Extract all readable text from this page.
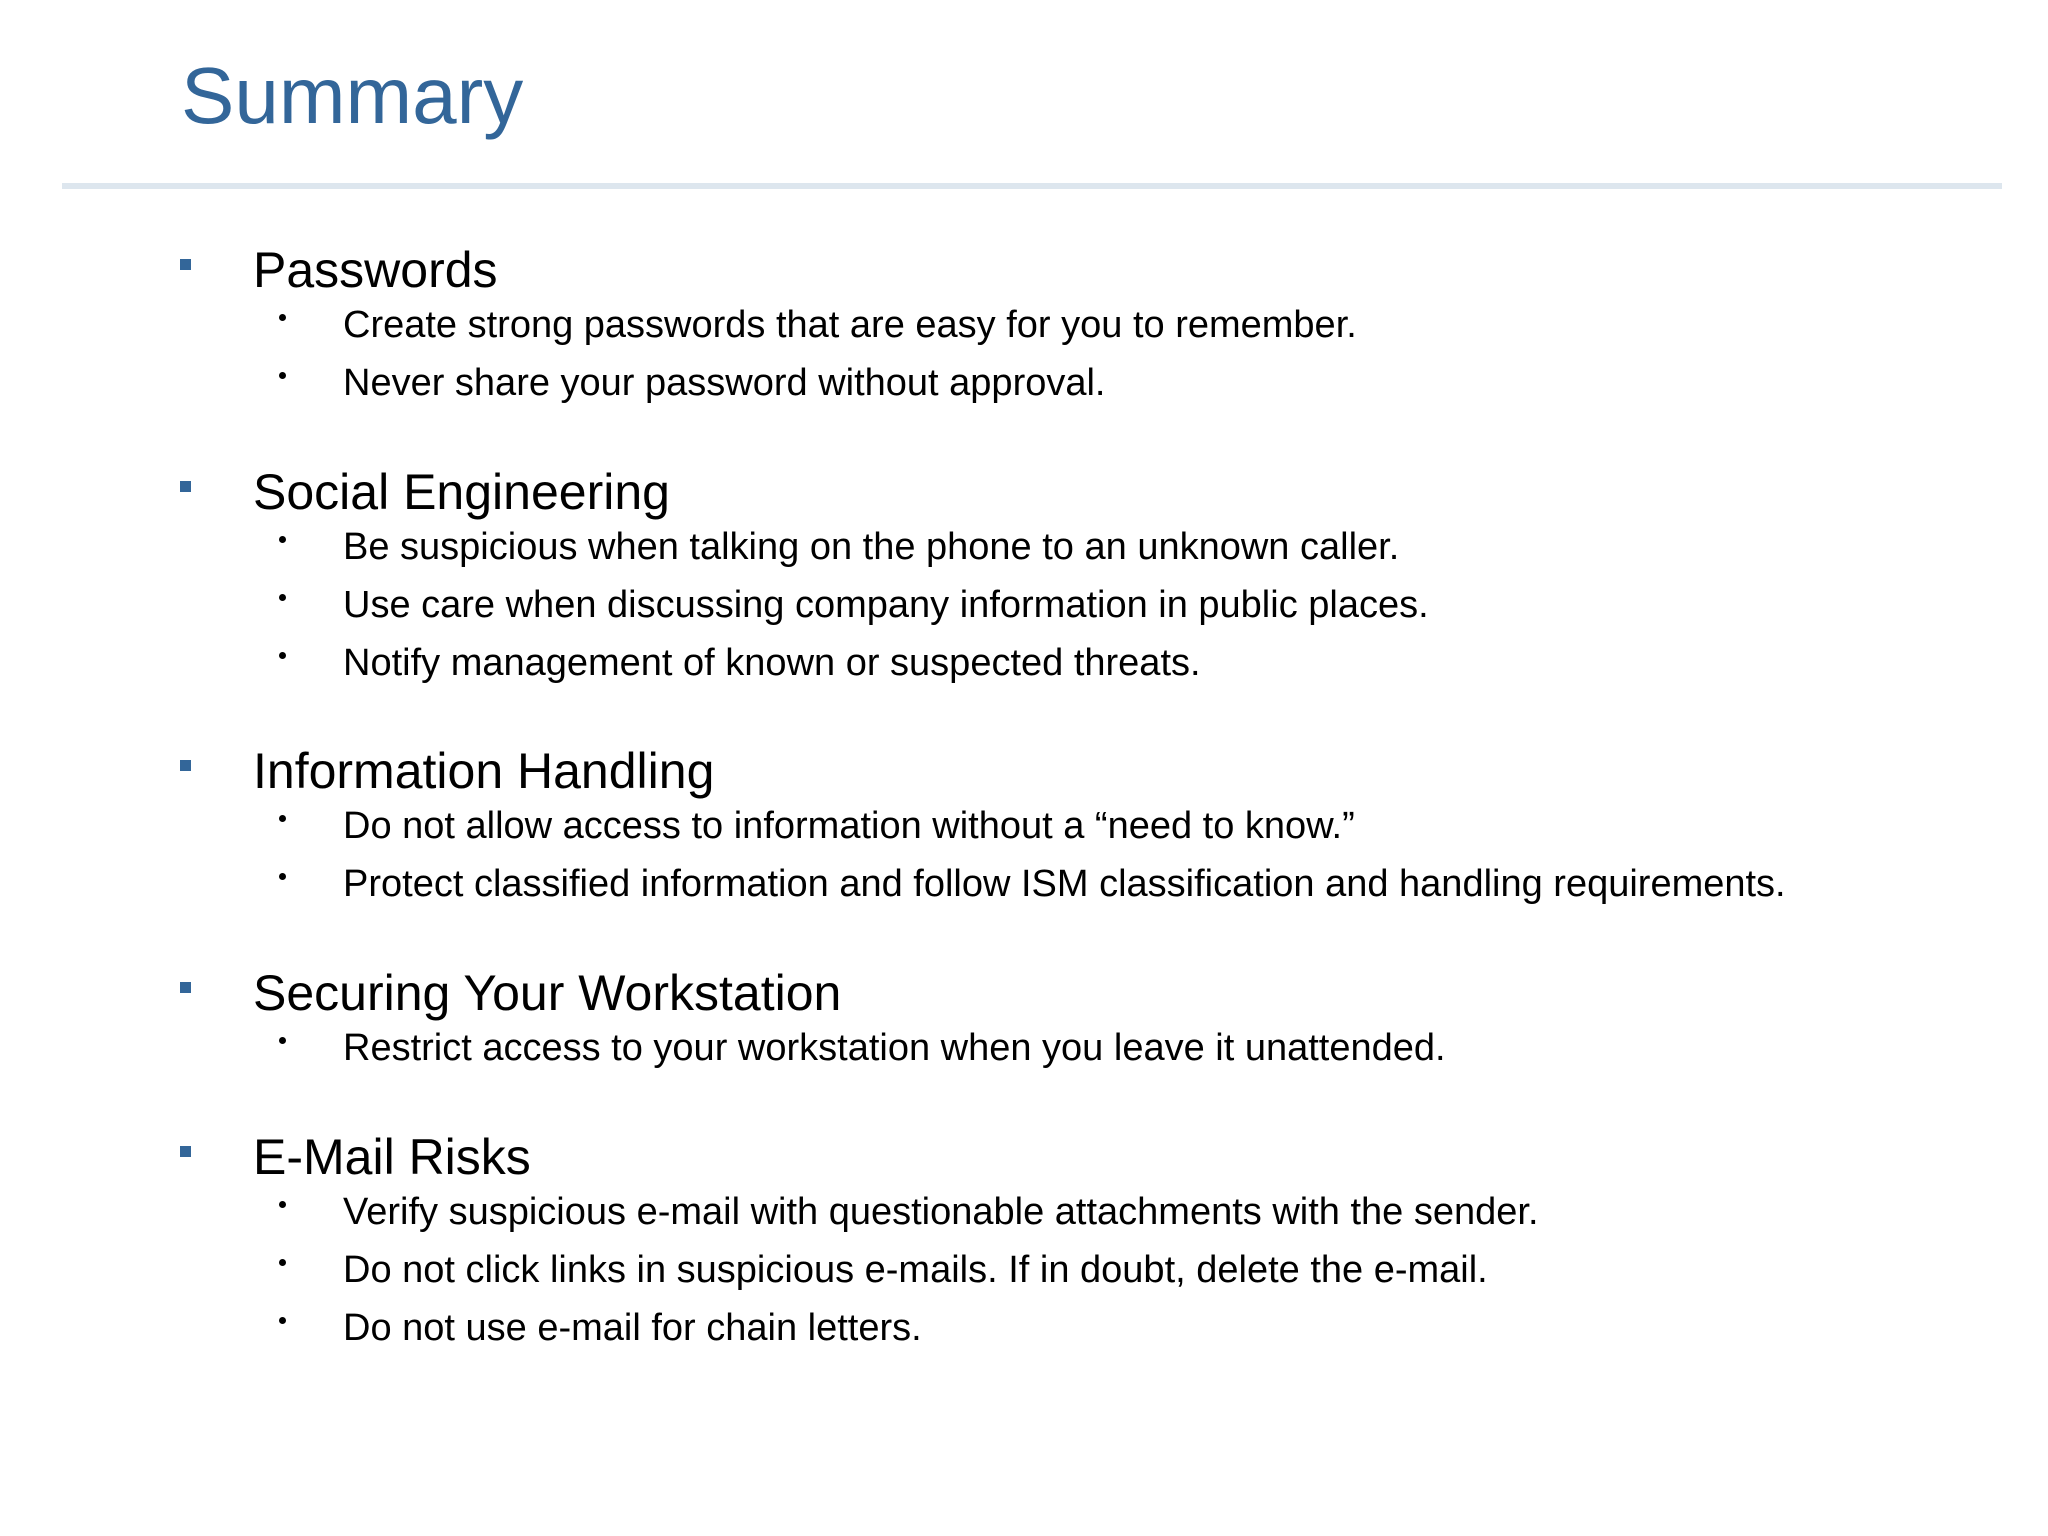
Summary
Passwords
Create strong passwords that are easy for you to remember.
Never share your password without approval.
Social Engineering
Be suspicious when talking on the phone to an unknown caller.
Use care when discussing company information in public places.
Notify management of known or suspected threats.
Information Handling
Do not allow access to information without a “need to know.”
Protect classified information and follow ISM classification and handling requirements.
Securing Your Workstation
Restrict access to your workstation when you leave it unattended.
E-Mail Risks
Verify suspicious e-mail with questionable attachments with the sender.
Do not click links in suspicious e-mails. If in doubt, delete the e-mail.
Do not use e-mail for chain letters.
